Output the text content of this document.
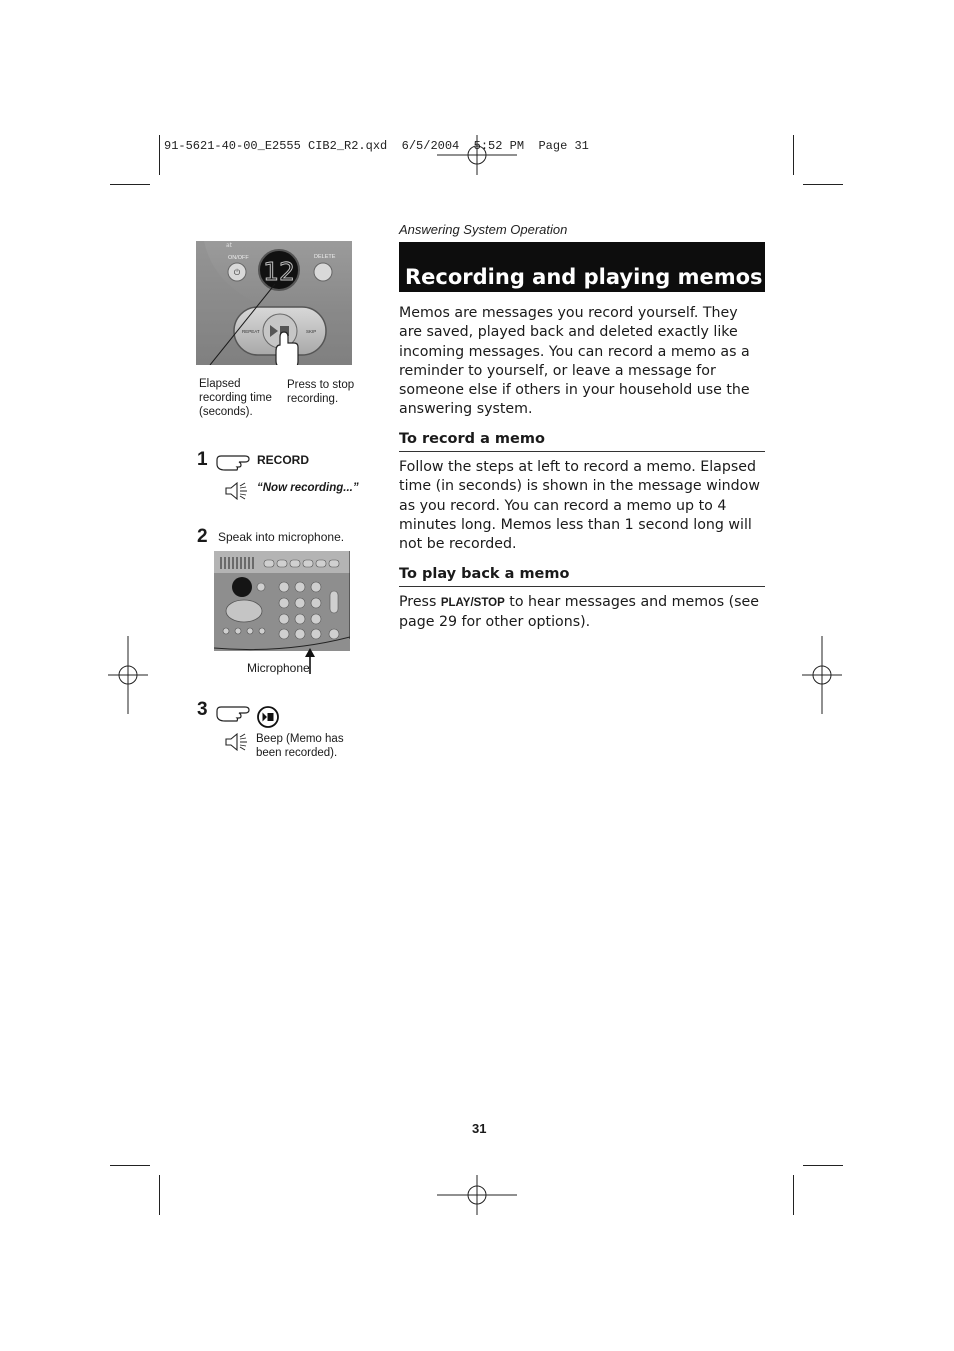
91-5621-40-00_E2555 CIB2_R2.qxd  6/5/2004  5:52 PM  Page 31
Answering System Operation
Recording and playing memos
Memos are messages you record yourself. They are saved, played back and deleted exactly like incoming messages. You can record a memo as a reminder to yourself, or leave a message for someone else if others in your household use the answering system.
To record a memo
Follow the steps at left to record a memo. Elapsed time (in seconds) is shown in the message window as you record. You can record a memo up to 4 minutes long. Memos less than 1 second long will not be recorded.
To play back a memo
Press PLAY/STOP to hear messages and memos (see page 29 for other options).
at
ON/OFF
⏻ 12	DELETE
REPEAT	SKIP
Elapsed recording time (seconds).
Press to stop recording.
1	RECORD
“Now recording...”
2 Speak into microphone.
Microphone
3
Beep (Memo has been recorded).
31
